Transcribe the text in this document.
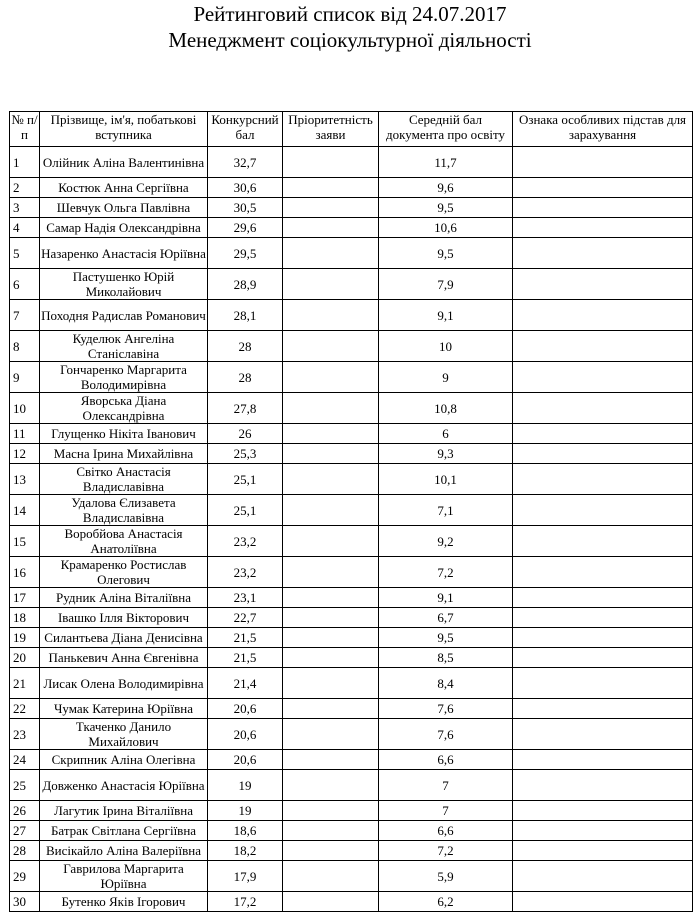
Рейтинговий список від 24.07.2017
Менеджмент соціокультурної діяльності
№ п/п	Прізвище, ім'я, побатькові вступника	Конкурсний бал	Пріоритетність заяви	Середній бал документа про освіту	Ознака особливих підстав для зарахування
1	Олійник Аліна Валентинівна	32,7		11,7	
2	Костюк Анна Сергіївна	30,6		9,6	
3	Шевчук Ольга Павлівна	30,5		9,5	
4	Самар Надія Олександрівна	29,6		10,6	
5	Назаренко Анастасія Юріївна	29,5		9,5	
6	Пастушенко Юрій Миколайович	28,9		7,9	
7	Походня Радислав Романович	28,1		9,1	
8	Куделюк Ангеліна Станіславіна	28		10	
9	Гончаренко Маргарита Володимирівна	28		9	
10	Яворська Діана Олександрівна	27,8		10,8	
11	Глущенко Нікіта Іванович	26		6	
12	Масна Ірина Михайлівна	25,3		9,3	
13	Світко Анастасія Владиславівна	25,1		10,1	
14	Удалова Єлизавета Владиславівна	25,1		7,1	
15	Воробйова Анастасія Анатоліївна	23,2		9,2	
16	Крамаренко Ростислав Олегович	23,2		7,2	
17	Рудник Аліна Віталіївна	23,1		9,1	
18	Івашко Ілля Вікторович	22,7		6,7	
19	Силантьева Діана Денисівна	21,5		9,5	
20	Панькевич Анна Євгенівна	21,5		8,5	
21	Лисак Олена Володимирівна	21,4		8,4	
22	Чумак Катерина Юріївна	20,6		7,6	
23	Ткаченко Данило Михайлович	20,6		7,6	
24	Скрипник Аліна Олегівна	20,6		6,6	
25	Довженко Анастасія Юріївна	19		7	
26	Лагутик Ірина Віталіївна	19		7	
27	Батрак Світлана Сергіївна	18,6		6,6	
28	Висікайло Аліна Валеріївна	18,2		7,2	
29	Гаврилова Маргарита Юріївна	17,9		5,9	
30	Бутенко Яків Ігорович	17,2		6,2	
